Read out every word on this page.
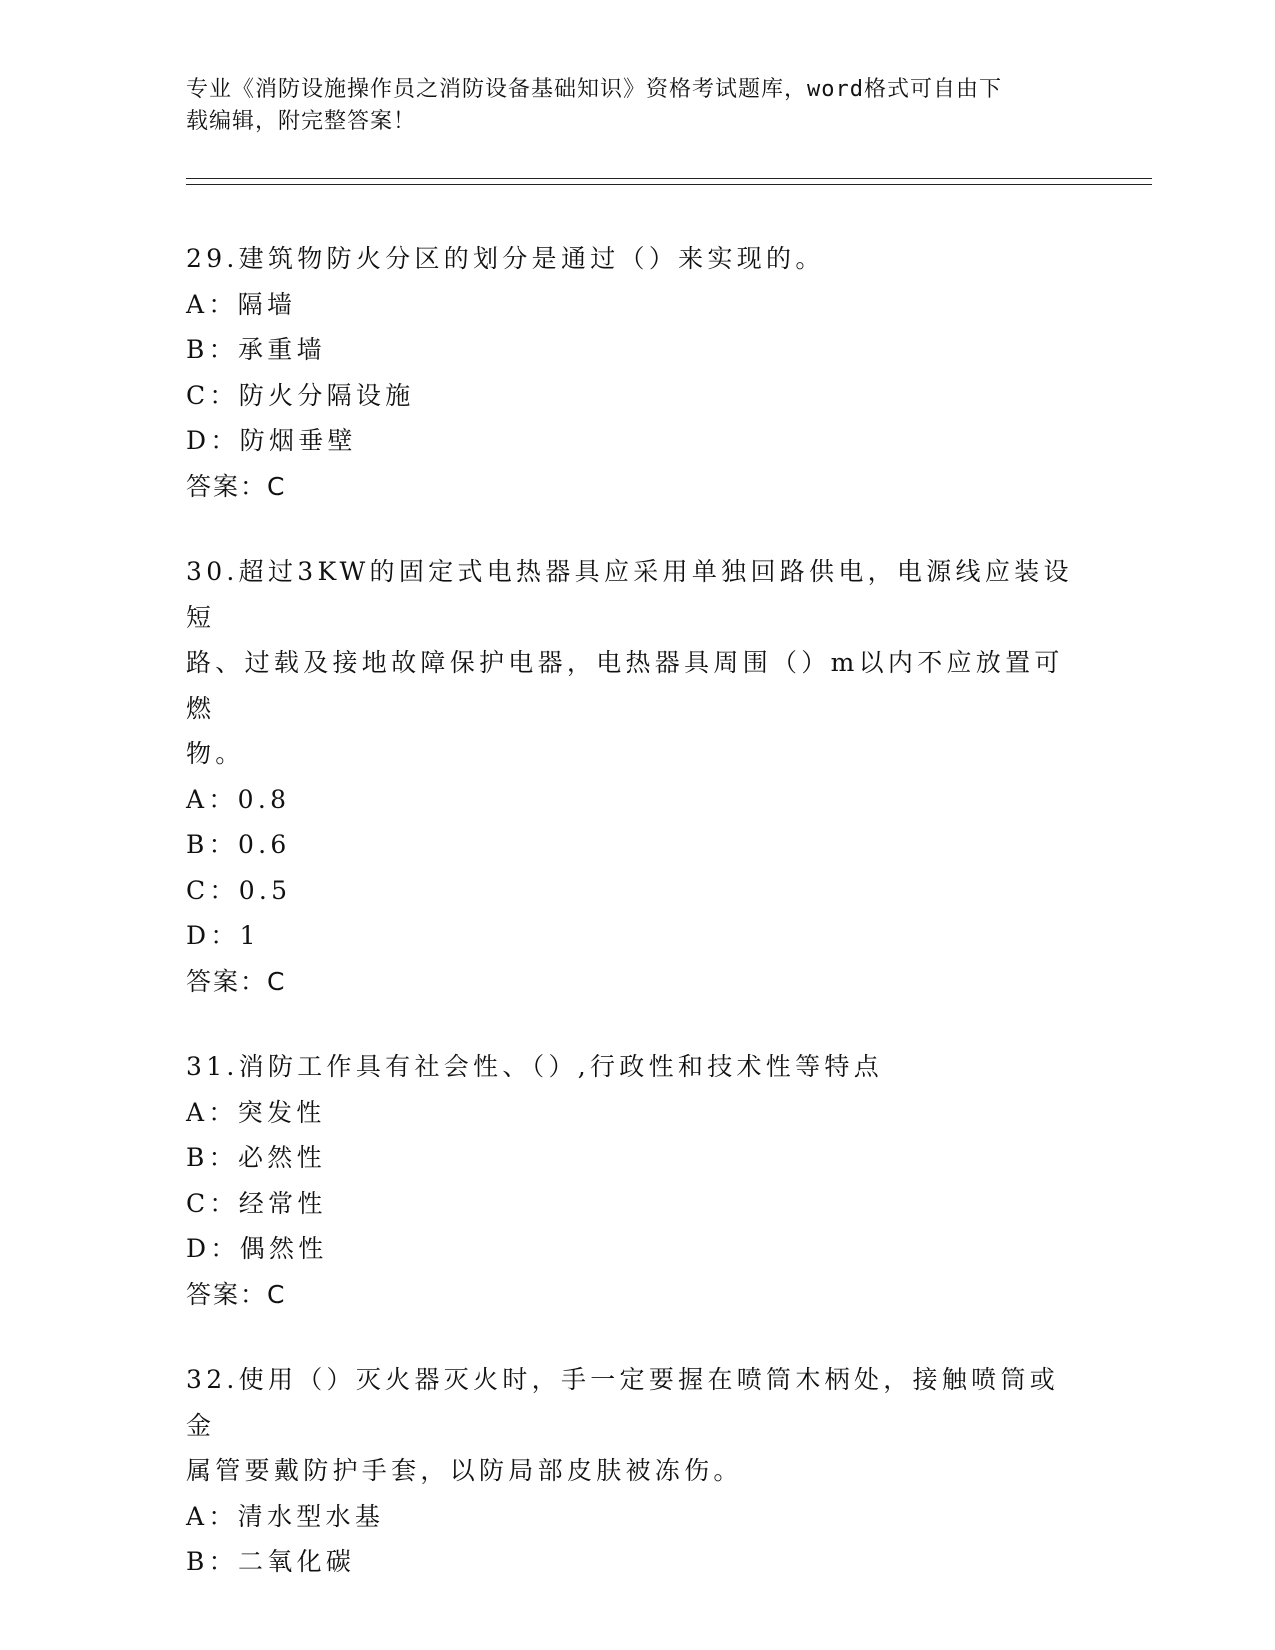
专业《消防设施操作员之消防设备基础知识》资格考试题库，word格式可自由下
载编辑，附完整答案！

29.建筑物防火分区的划分是通过（）来实现的。

A：隔墙

B：承重墙

C：防火分隔设施

D：防烟垂壁

答案：C

30.超过3KW的固定式电热器具应采用单独回路供电，电源线应装设短

路、过载及接地故障保护电器，电热器具周围（）m以内不应放置可燃

物。

A：0.8

B：0.6

C：0.5

D：1

答案：C

31.消防工作具有社会性、（）,行政性和技术性等特点

A：突发性

B：必然性

C：经常性

D：偶然性

答案：C

32.使用（）灭火器灭火时，手一定要握在喷筒木柄处，接触喷筒或金

属管要戴防护手套，以防局部皮肤被冻伤。

A：清水型水基

B：二氧化碳
